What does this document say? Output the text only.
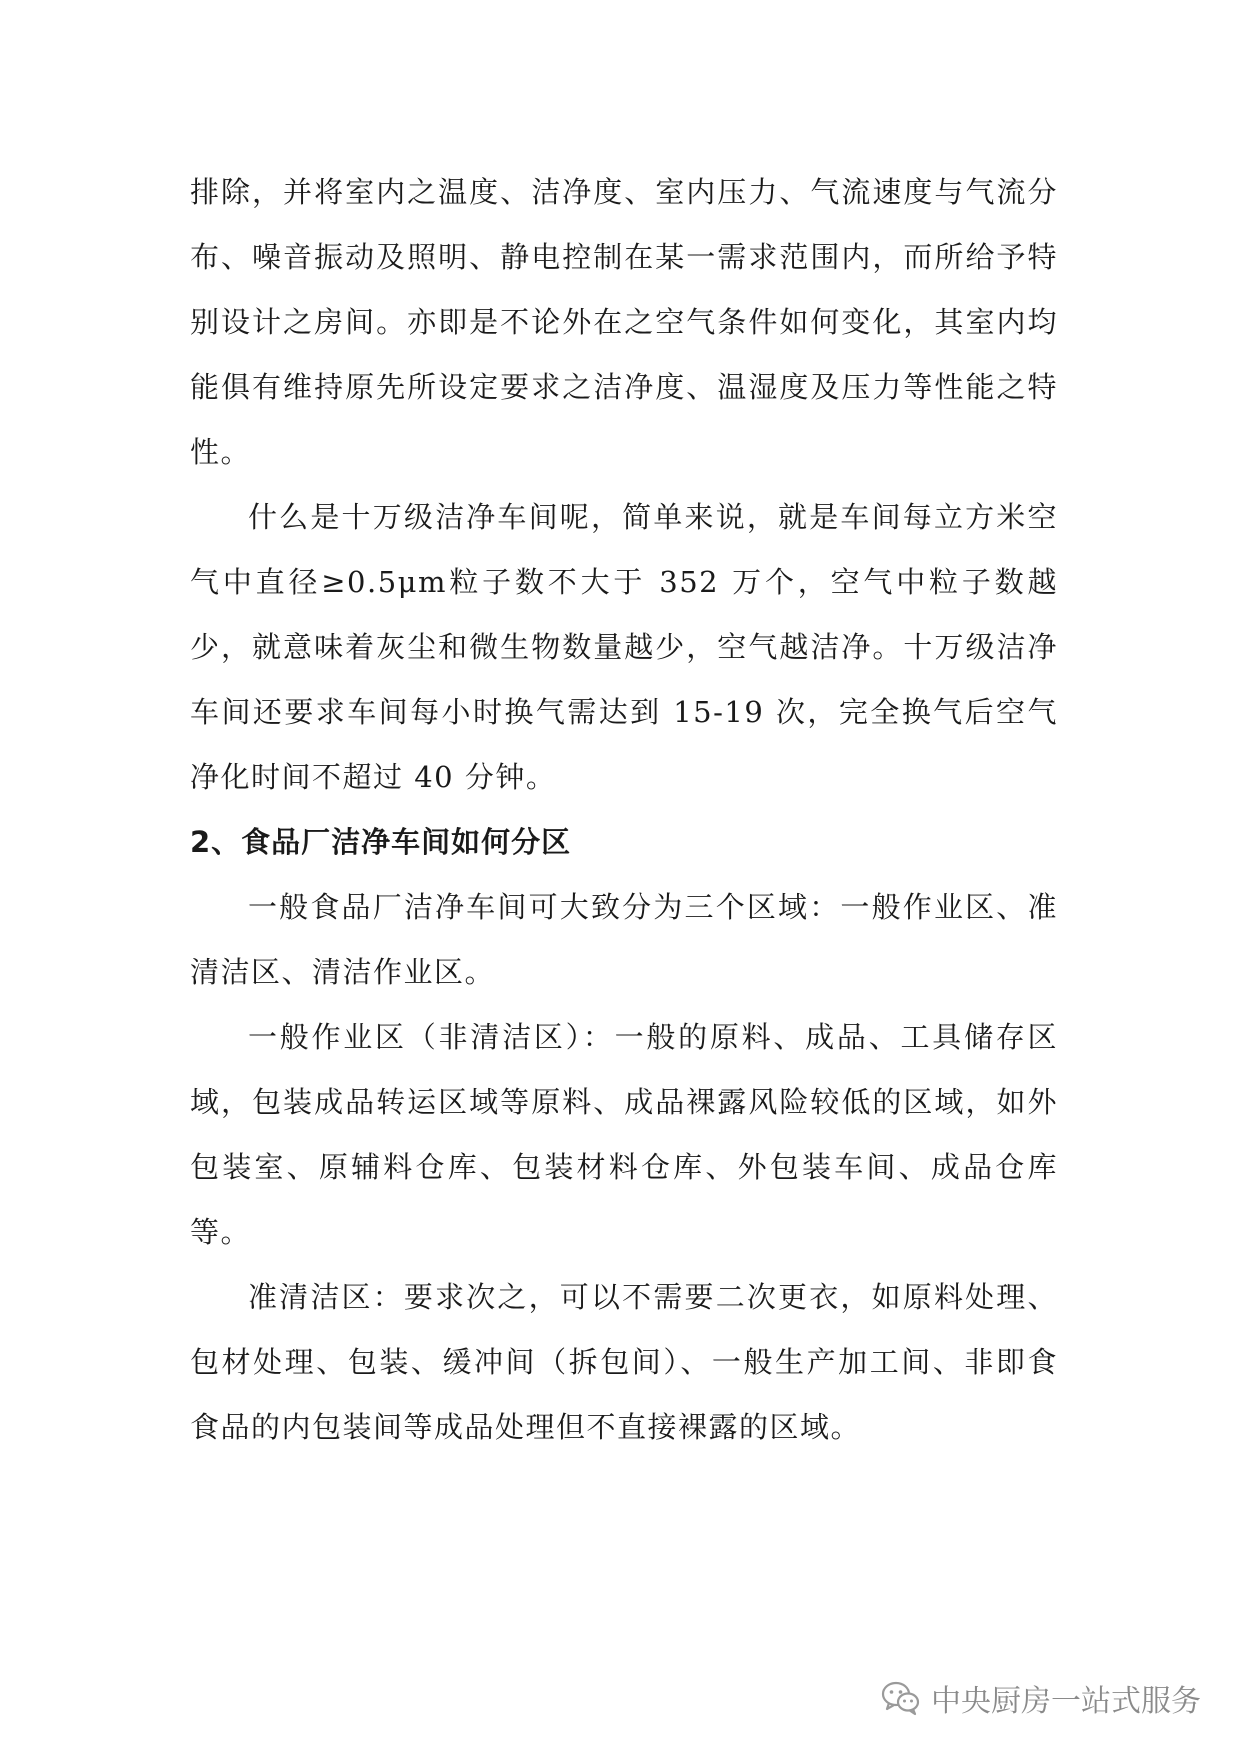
排除，并将室内之温度、洁净度、室内压力、气流速度与气流分布、噪音振动及照明、静电控制在某一需求范围内，而所给予特别设计之房间。亦即是不论外在之空气条件如何变化，其室内均能俱有维持原先所设定要求之洁净度、温湿度及压力等性能之特性。

什么是十万级洁净车间呢，简单来说，就是车间每立方米空气中直径≥0.5μm粒子数不大于 352 万个，空气中粒子数越少，就意味着灰尘和微生物数量越少，空气越洁净。十万级洁净车间还要求车间每小时换气需达到 15-19 次，完全换气后空气净化时间不超过 40 分钟。

2、食品厂洁净车间如何分区

一般食品厂洁净车间可大致分为三个区域：一般作业区、准清洁区、清洁作业区。

一般作业区（非清洁区）：一般的原料、成品、工具储存区域，包装成品转运区域等原料、成品裸露风险较低的区域，如外包装室、原辅料仓库、包装材料仓库、外包装车间、成品仓库等。

准清洁区：要求次之，可以不需要二次更衣，如原料处理、包材处理、包装、缓冲间（拆包间）、一般生产加工间、非即食食品的内包装间等成品处理但不直接裸露的区域。

中央厨房一站式服务
